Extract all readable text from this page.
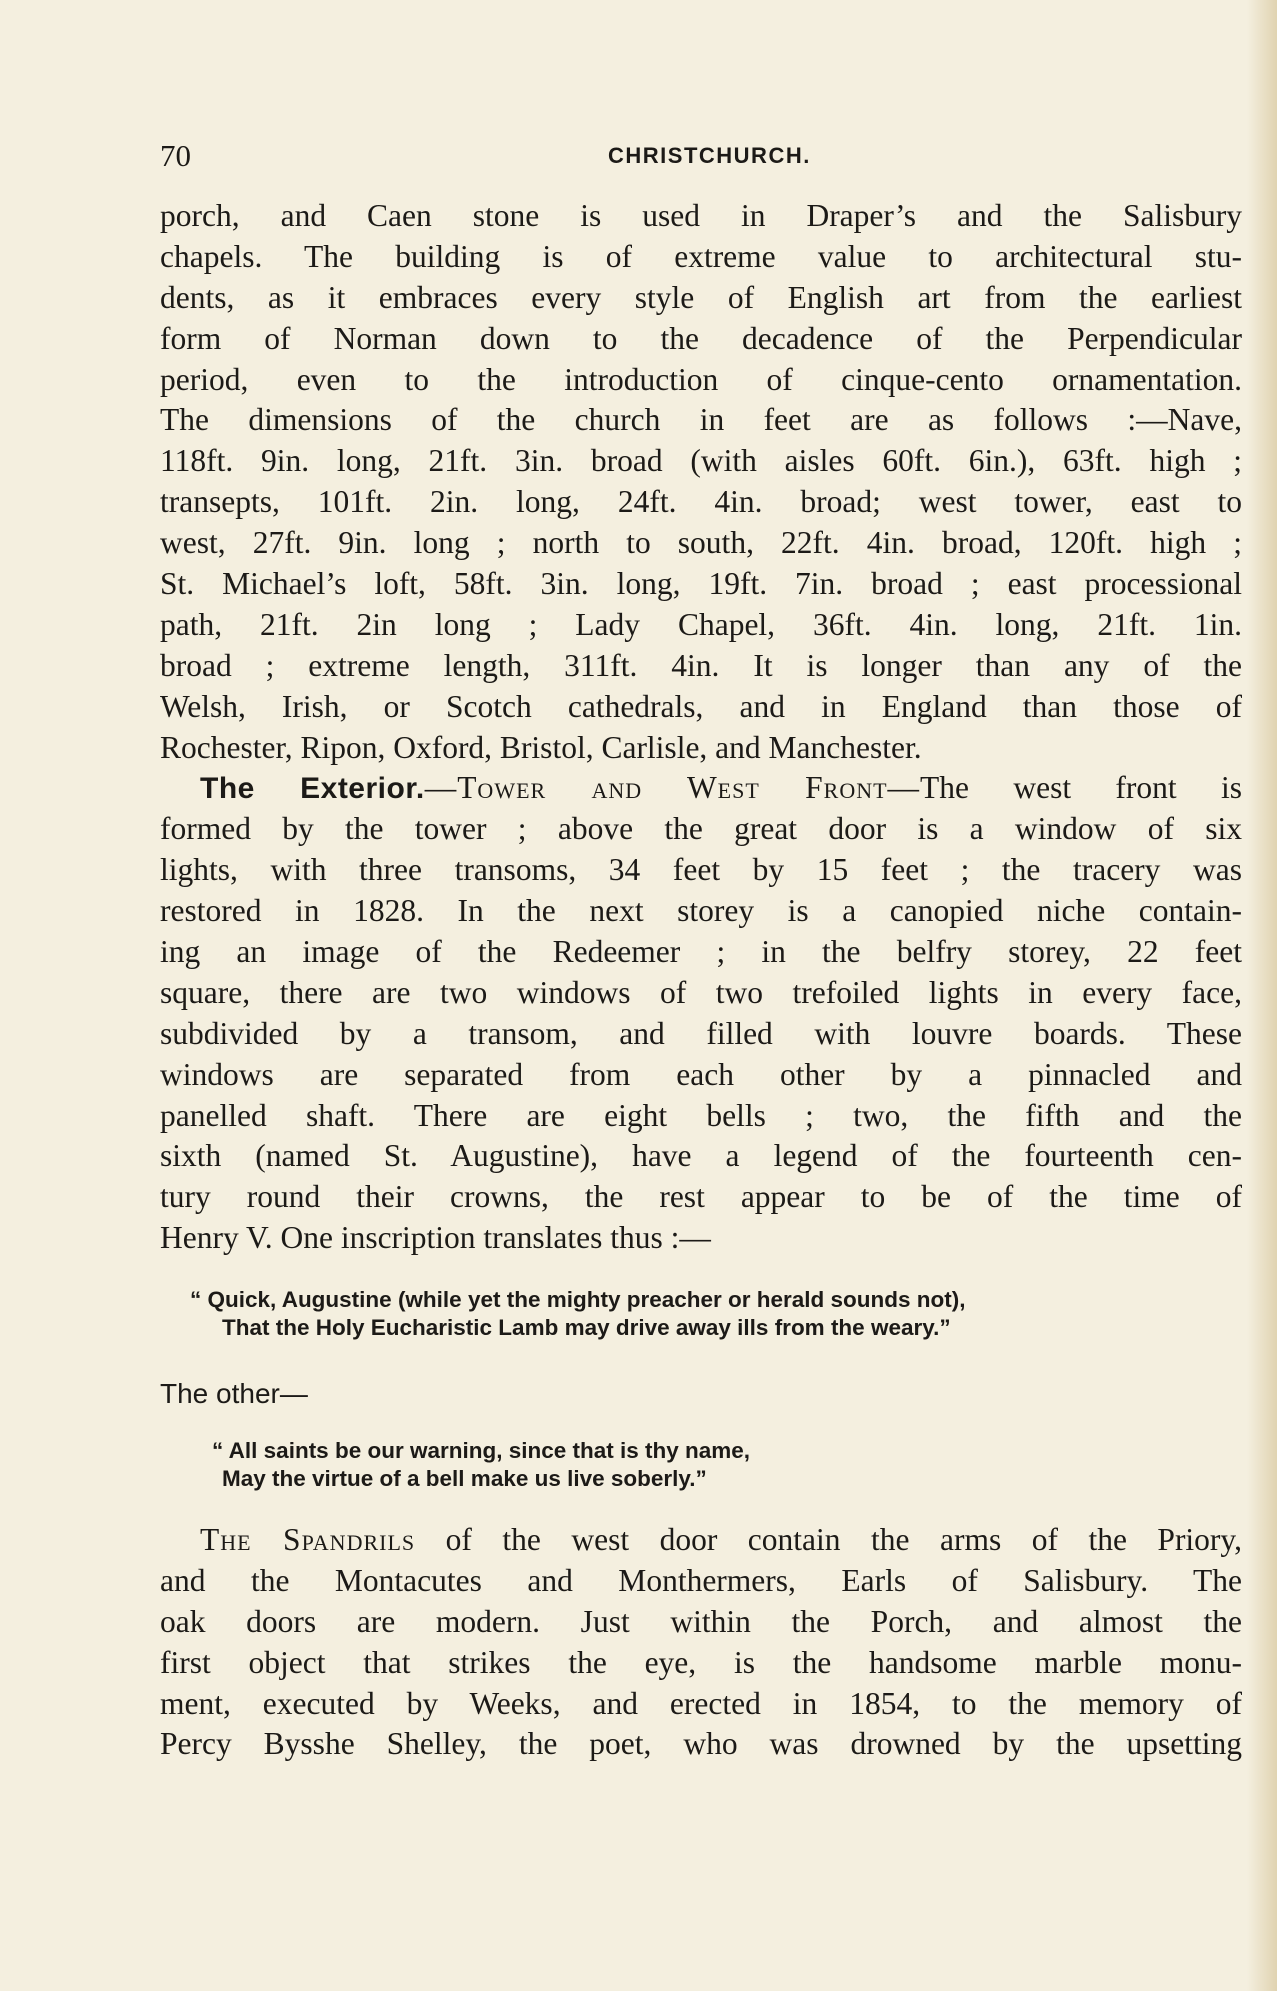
70	CHRISTCHURCH.
porch, and Caen stone is used in Draper’s and the Salisbury
chapels. The building is of extreme value to architectural stu-
dents, as it embraces every style of English art from the earliest
form of Norman down to the decadence of the Perpendicular
period, even to the introduction of cinque-cento ornamentation.
The dimensions of the church in feet are as follows :—Nave,
118ft. 9in. long, 21ft. 3in. broad (with aisles 60ft. 6in.), 63ft. high ;
transepts, 101ft. 2in. long, 24ft. 4in. broad; west tower, east to
west, 27ft. 9in. long ; north to south, 22ft. 4in. broad, 120ft. high ;
St. Michael’s loft, 58ft. 3in. long, 19ft. 7in. broad ; east processional
path, 21ft. 2in long ; Lady Chapel, 36ft. 4in. long, 21ft. 1in.
broad ; extreme length, 311ft. 4in. It is longer than any of the
Welsh, Irish, or Scotch cathedrals, and in England than those of
Rochester, Ripon, Oxford, Bristol, Carlisle, and Manchester.
The Exterior.—Tower and West Front—The west front is
formed by the tower ; above the great door is a window of six
lights, with three transoms, 34 feet by 15 feet ; the tracery was
restored in 1828. In the next storey is a canopied niche contain-
ing an image of the Redeemer ; in the belfry storey, 22 feet
square, there are two windows of two trefoiled lights in every face,
subdivided by a transom, and filled with louvre boards. These
windows are separated from each other by a pinnacled and
panelled shaft. There are eight bells ; two, the fifth and the
sixth (named St. Augustine), have a legend of the fourteenth cen-
tury round their crowns, the rest appear to be of the time of
Henry V. One inscription translates thus :—
“ Quick, Augustine (while yet the mighty preacher or herald sounds not),
That the Holy Eucharistic Lamb may drive away ills from the weary.”
The other—
“ All saints be our warning, since that is thy name,
May the virtue of a bell make us live soberly.”
The Spandrils of the west door contain the arms of the Priory,
and the Montacutes and Monthermers, Earls of Salisbury. The
oak doors are modern. Just within the Porch, and almost the
first object that strikes the eye, is the handsome marble monu-
ment, executed by Weeks, and erected in 1854, to the memory of
Percy Bysshe Shelley, the poet, who was drowned by the upsetting
